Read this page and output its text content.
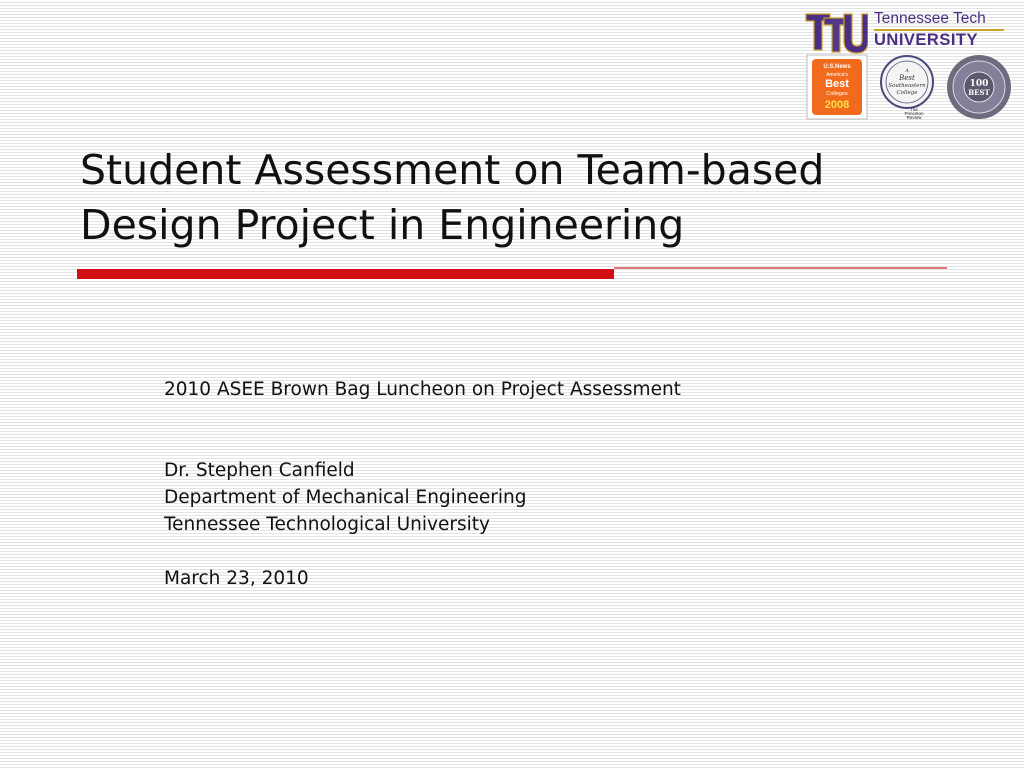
Tennessee Tech
UNIVERSITY
U.S.News
America's
Best
Colleges
2008
A
Best
Southeastern
College
The
Princeton
Review
100
BEST
Student Assessment on Team-based
Design Project in Engineering

2010 ASEE Brown Bag Luncheon on Project Assessment

Dr. Stephen Canfield

Department of Mechanical Engineering

Tennessee Technological University

March 23, 2010
